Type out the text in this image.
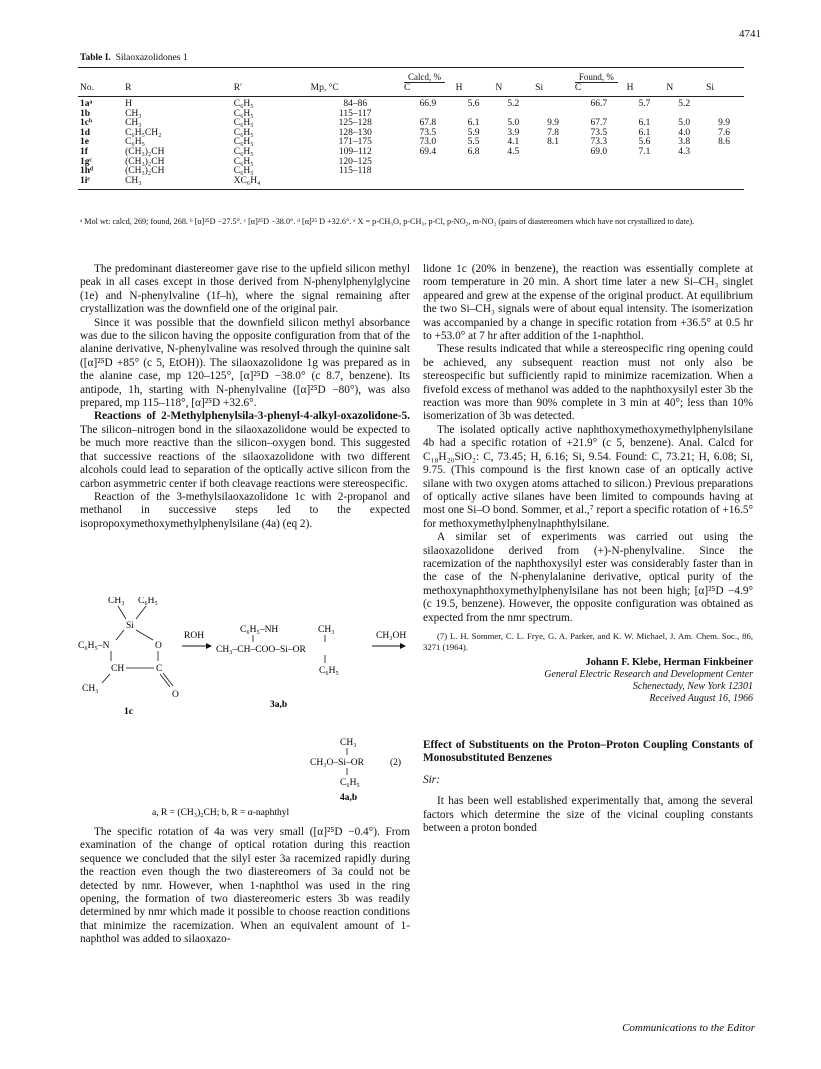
4741
Table I. Silaoxazolidones 1
				Calcd, %				Found, %			
No.	R	R′	Mp, °C	C	H	N	Si	C	H	N	Si
1aᵃ	H	C₆H₅	84–86	66.9	5.6	5.2		66.7	5.7	5.2	
1b	CH₃	C₆H₅	115–117								
1cᵇ	CH₃	C₆H₅	125–128	67.8	6.1	5.0	9.9	67.7	6.1	5.0	9.9
1d	C₆H₅CH₂	C₆H₅	128–130	73.5	5.9	3.9	7.8	73.5	6.1	4.0	7.6
1e	C₆H₅	C₆H₅	171–175	73.0	5.5	4.1	8.1	73.3	5.6	3.8	8.6
1f	(CH₃)₂CH	C₆H₅	109–112	69.4	6.8	4.5		69.0	7.1	4.3	
1gᶜ	(CH₃)₂CH	C₆H₅	120–125								
1hᵈ	(CH₃)₂CH	C₆H₅	115–118								
1iᵉ	CH₃	XC₆H₄									
ᵃ Mol wt: calcd, 269; found, 268. ᵇ [α]²⁵D −27.5°. ᶜ [α]²⁵D −38.0°. ᵈ [α]²⁵ D +32.6°. ᵉ X = p-CH₃O, p-CH₃, p-Cl, p-NO₂, m-NO₂ (pairs of diastereomers which have not crystallized to date).

The predominant diastereomer gave rise to the upfield silicon methyl peak in all cases except in those derived from N-phenylphenylglycine (1e) and N-phenylvaline (1f–h), where the signal remaining after crystallization was the downfield one of the original pair.

Since it was possible that the downfield silicon methyl absorbance was due to the silicon having the opposite configuration from that of the alanine derivative, N-phenylvaline was resolved through the quinine salt ([α]²⁵D +85° (c 5, EtOH)). The silaoxazolidone 1g was prepared as in the alanine case, mp 120–125°, [α]²⁵D −38.0° (c 8.7, benzene). Its antipode, 1h, starting with N-phenylvaline ([α]²⁵D −80°), was also prepared, mp 115–118°, [α]²⁵D +32.6°.

Reactions of 2-Methylphenylsila-3-phenyl-4-alkyl-oxazolidone-5. The silicon–nitrogen bond in the silaoxazolidone would be expected to be much more reactive than the silicon–oxygen bond. This suggested that successive reactions of the silaoxazolidone with two different alcohols could lead to separation of the optically active silicon from the carbon asymmetric center if both cleavage reactions were stereospecific.

Reaction of the 3-methylsilaoxazolidone 1c with 2-propanol and methanol in successive steps led to the expected isopropoxymethoxymethylphenylsilane (4a) (eq 2).

CH₃ C₆H₅
Si
C₆H₅–N	O
CH	C
CH₃
O
1c
ROH
C₆H₅–NH	CH₃
CH₃–CH–COO–Si–OR
C₆H₅
3a,b
CH₃OH
CH₃
CH₃O–Si–OR	(2)
C₆H₅
4a,b
a, R = (CH₃)₂CH; b, R = α-naphthyl

The specific rotation of 4a was very small ([α]²⁵D −0.4°). From examination of the change of optical rotation during this reaction sequence we concluded that the silyl ester 3a racemized rapidly during the reaction even though the two diastereomers of 3a could not be detected by nmr. However, when 1-naphthol was used in the ring opening, the formation of two diastereomeric esters 3b was readily determined by nmr which made it possible to choose reaction conditions that minimize the racemization. When an equivalent amount of 1-naphthol was added to silaoxazo-

lidone 1c (20% in benzene), the reaction was essentially complete at room temperature in 20 min. A short time later a new Si–CH₃ singlet appeared and grew at the expense of the original product. At equilibrium the two Si–CH₃ signals were of about equal intensity. The isomerization was accompanied by a change in specific rotation from +36.5° at 0.5 hr to +53.0° at 7 hr after addition of the 1-naphthol.

These results indicated that while a stereospecific ring opening could be achieved, any subsequent reaction must not only also be stereospecific but sufficiently rapid to minimize racemization. When a fivefold excess of methanol was added to the naphthoxysilyl ester 3b the reaction was more than 90% complete in 3 min at 40°; less than 10% isomerization of 3b was detected.

The isolated optically active naphthoxymethoxymethylphenylsilane 4b had a specific rotation of +21.9° (c 5, benzene). Anal. Calcd for C₁₈H₂₀SiO₂: C, 73.45; H, 6.16; Si, 9.54. Found: C, 73.21; H, 6.08; Si, 9.75. (This compound is the first known case of an optically active silane with two oxygen atoms attached to silicon.) Previous preparations of optically active silanes have been limited to compounds having at most one Si–O bond. Sommer, et al.,⁷ report a specific rotation of +16.5° for methoxymethylphenylnaphthylsilane.

A similar set of experiments was carried out using the silaoxazolidone derived from (+)-N-phenylvaline. Since the racemization of the naphthoxysilyl ester was considerably faster than in the case of the N-phenylalanine derivative, optical purity of the methoxynaphthoxymethylphenylsilane has not been high; [α]²⁵D −4.9° (c 19.5, benzene). However, the opposite configuration was obtained as expected from the nmr spectrum.

(7) L. H. Sommer, C. L. Frye, G. A. Parker, and K. W. Michael, J. Am. Chem. Soc., 86, 3271 (1964).

Johann F. Klebe, Herman Finkbeiner
General Electric Research and Development Center
Schenectady, New York 12301
Received August 16, 1966
Effect of Substituents on the Proton–Proton Coupling Constants of Monosubstituted Benzenes
Sir:

It has been well established experimentally that, among the several factors which determine the size of the vicinal coupling constants between a proton bonded

Communications to the Editor
